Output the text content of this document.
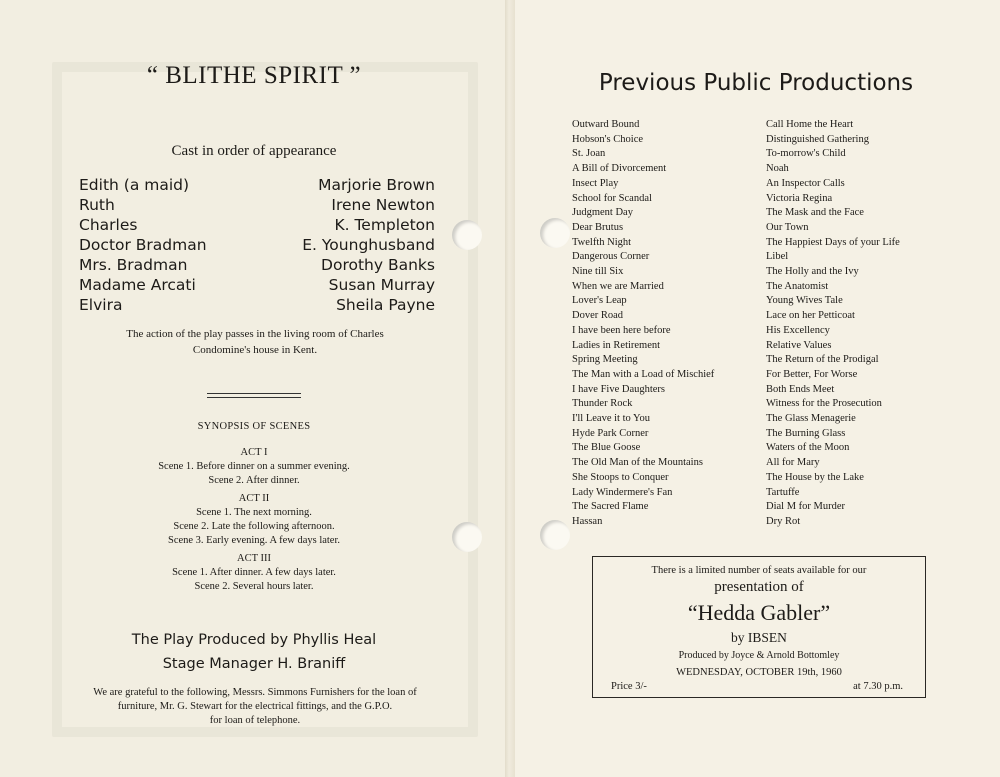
“ BLITHE SPIRIT ”
Cast in order of appearance
Edith (a maid)	Marjorie Brown
Ruth	Irene Newton
Charles	K. Templeton
Doctor Bradman	E. Younghusband
Mrs. Bradman	Dorothy Banks
Madame Arcati	Susan Murray
Elvira	Sheila Payne
The action of the play passes in the living room of Charles
Condomine's house in Kent.
SYNOPSIS OF SCENES
ACT I
Scene 1. Before dinner on a summer evening.
Scene 2. After dinner.
ACT II
Scene 1. The next morning.
Scene 2. Late the following afternoon.
Scene 3. Early evening. A few days later.
ACT III
Scene 1. After dinner. A few days later.
Scene 2. Several hours later.
The Play Produced by Phyllis Heal
Stage Manager H. Braniff
We are grateful to the following, Messrs. Simmons Furnishers for the loan of
furniture, Mr. G. Stewart for the electrical fittings, and the G.P.O.
for loan of telephone.
Previous Public Productions
Outward Bound
Hobson's Choice
St. Joan
A Bill of Divorcement
Insect Play
School for Scandal
Judgment Day
Dear Brutus
Twelfth Night
Dangerous Corner
Nine till Six
When we are Married
Lover's Leap
Dover Road
I have been here before
Ladies in Retirement
Spring Meeting
The Man with a Load of Mischief
I have Five Daughters
Thunder Rock
I'll Leave it to You
Hyde Park Corner
The Blue Goose
The Old Man of the Mountains
She Stoops to Conquer
Lady Windermere's Fan
The Sacred Flame
Hassan
Call Home the Heart
Distinguished Gathering
To-morrow's Child
Noah
An Inspector Calls
Victoria Regina
The Mask and the Face
Our Town
The Happiest Days of your Life
Libel
The Holly and the Ivy
The Anatomist
Young Wives Tale
Lace on her Petticoat
His Excellency
Relative Values
The Return of the Prodigal
For Better, For Worse
Both Ends Meet
Witness for the Prosecution
The Glass Menagerie
The Burning Glass
Waters of the Moon
All for Mary
The House by the Lake
Tartuffe
Dial M for Murder
Dry Rot
There is a limited number of seats available for our
presentation of
“Hedda Gabler”
by IBSEN
Produced by Joyce & Arnold Bottomley
WEDNESDAY, OCTOBER 19th, 1960
Price 3/-	at 7.30 p.m.
